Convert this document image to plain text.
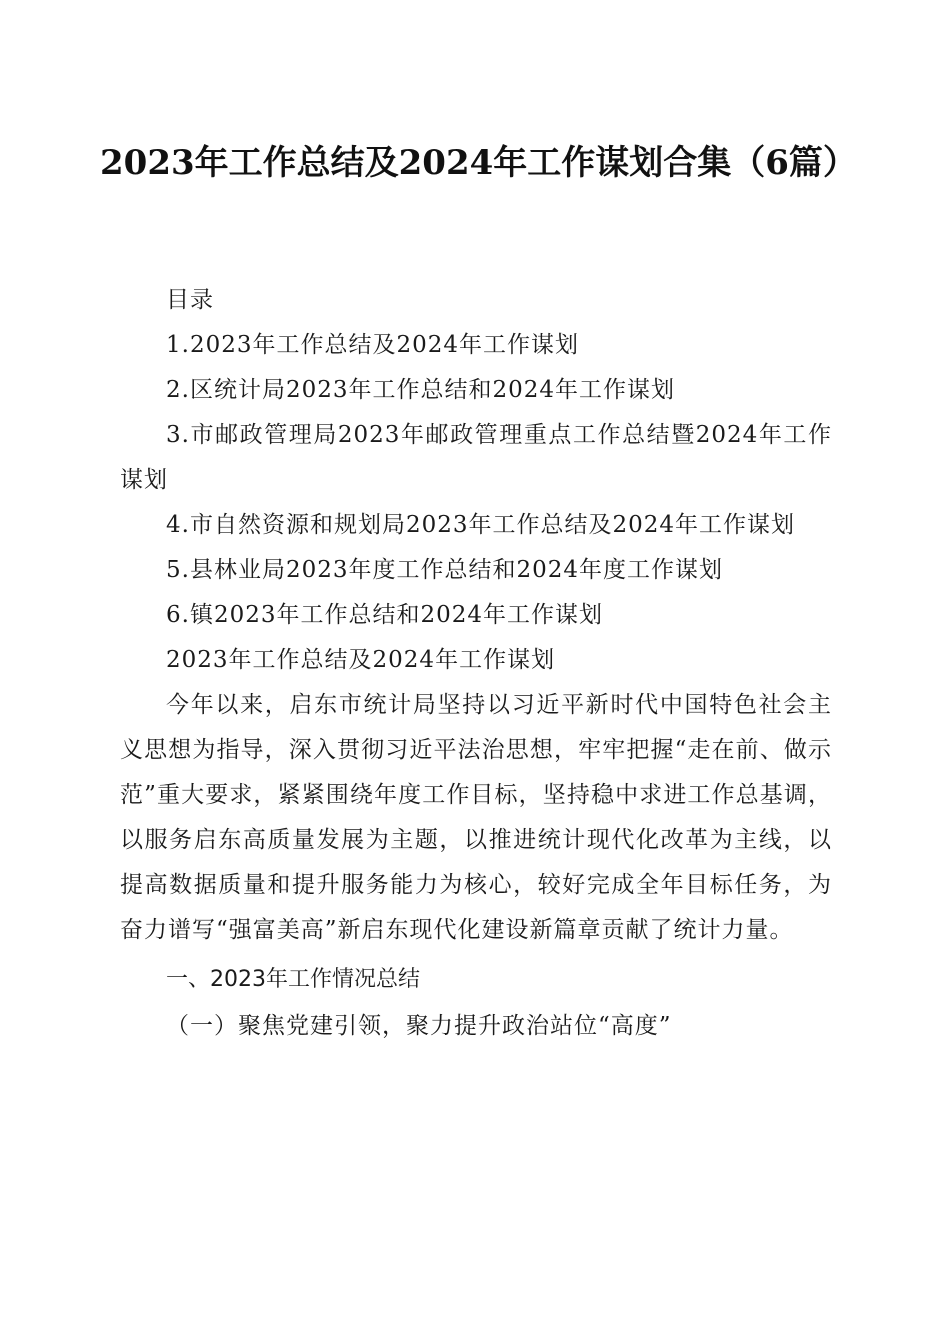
2023年工作总结及2024年工作谋划合集（6篇）

目录

1.2023年工作总结及2024年工作谋划

2.区统计局2023年工作总结和2024年工作谋划

3.市邮政管理局2023年邮政管理重点工作总结暨2024年工作谋划

4.市自然资源和规划局2023年工作总结及2024年工作谋划

5.县林业局2023年度工作总结和2024年度工作谋划

6.镇2023年工作总结和2024年工作谋划

2023年工作总结及2024年工作谋划

今年以来，启东市统计局坚持以习近平新时代中国特色社会主义思想为指导，深入贯彻习近平法治思想，牢牢把握“走在前、做示范”重大要求，紧紧围绕年度工作目标，坚持稳中求进工作总基调，以服务启东高质量发展为主题，以推进统计现代化改革为主线，以提高数据质量和提升服务能力为核心，较好完成全年目标任务，为奋力谱写“强富美高”新启东现代化建设新篇章贡献了统计力量。

一、2023年工作情况总结

（一）聚焦党建引领，聚力提升政治站位“高度”
